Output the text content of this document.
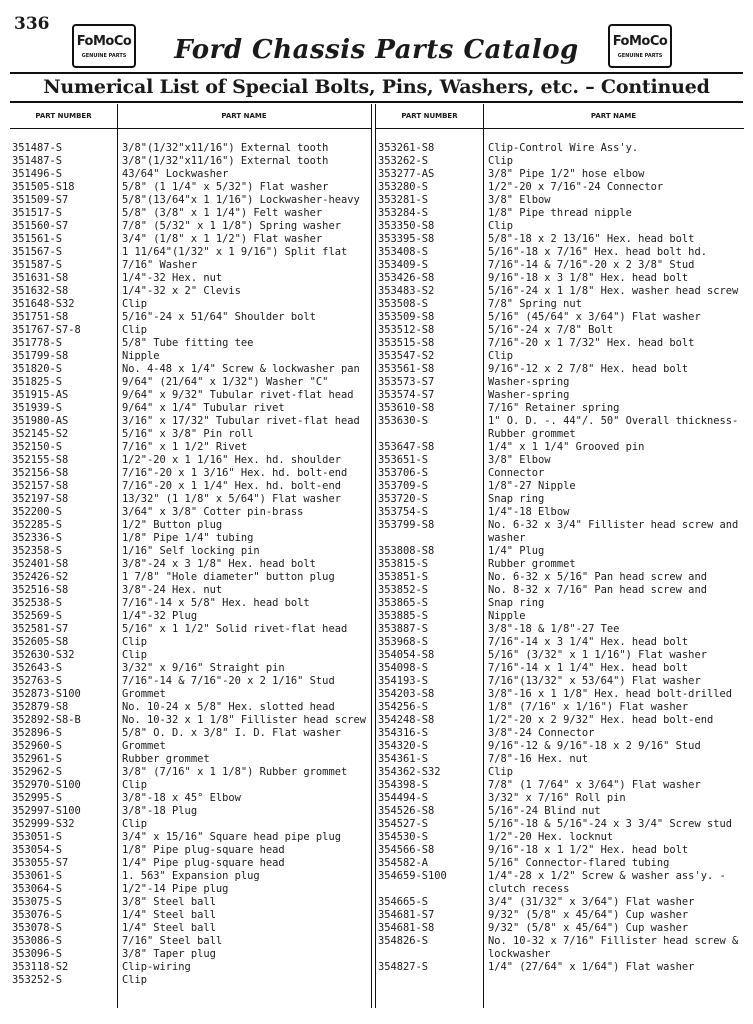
336
FoMoCo
GENUINE PARTS
FoMoCo
GENUINE PARTS
Ford Chassis Parts Catalog
Numerical List of Special Bolts, Pins, Washers, etc. – Continued
PART NUMBER	PART NAME
351487-S	3/8"(1/32"x11/16") External tooth
351487-S	3/8"(1/32"x11/16") External tooth
351496-S	43/64" Lockwasher
351505-S18	5/8" (1 1/4" x 5/32") Flat washer
351509-S7	5/8"(13/64"x 1 1/16") Lockwasher-heavy
351517-S	5/8" (3/8" x 1 1/4") Felt washer
351560-S7	7/8" (5/32" x 1 1/8") Spring washer
351561-S	3/4" (1/8" x 1 1/2") Flat washer
351567-S	1 11/64"(1/32" x 1 9/16") Split flat
351587-S	7/16" Washer
351631-S8	1/4"-32 Hex. nut
351632-S8	1/4"-32 x 2" Clevis
351648-S32	Clip
351751-S8	5/16"-24 x 51/64" Shoulder bolt
351767-S7-8	Clip
351778-S	5/8" Tube fitting tee
351799-S8	Nipple
351820-S	No. 4-48 x 1/4" Screw & lockwasher pan
351825-S	9/64" (21/64" x 1/32") Washer "C"
351915-AS	9/64" x 9/32" Tubular rivet-flat head
351939-S	9/64" x 1/4" Tubular rivet
351980-AS	3/16" x 17/32" Tubular rivet-flat head
352145-S2	5/16" x 3/8" Pin roll
352150-S	7/16" x 1 1/2" Rivet
352155-S8	1/2"-20 x 1 1/16" Hex. hd. shoulder
352156-S8	7/16"-20 x 1 3/16" Hex. hd. bolt-end
352157-S8	7/16"-20 x 1 1/4" Hex. hd. bolt-end
352197-S8	13/32" (1 1/8" x 5/64") Flat washer
352200-S	3/64" x 3/8" Cotter pin-brass
352285-S	1/2" Button plug
352336-S	1/8" Pipe 1/4" tubing
352358-S	1/16" Self locking pin
352401-S8	3/8"-24 x 3 1/8" Hex. head bolt
352426-S2	1 7/8" "Hole diameter" button plug
352516-S8	3/8"-24 Hex. nut
352538-S	7/16"-14 x 5/8" Hex. head bolt
352569-S	1/4"-32 Plug
352581-S7	5/16" x 1 1/2" Solid rivet-flat head
352605-S8	Clip
352630-S32	Clip
352643-S	3/32" x 9/16" Straight pin
352763-S	7/16"-14 & 7/16"-20 x 2 1/16" Stud
352873-S100	Grommet
352879-S8	No. 10-24 x 5/8" Hex. slotted head
352892-S8-B	No. 10-32 x 1 1/8" Fillister head screw
352896-S	5/8" O. D. x 3/8" I. D. Flat washer
352960-S	Grommet
352961-S	Rubber grommet
352962-S	3/8" (7/16" x 1 1/8") Rubber grommet
352970-S100	Clip
352995-S	3/8"-18 x 45° Elbow
352997-S100	3/8"-18 Plug
352999-S32	Clip
353051-S	3/4" x 15/16" Square head pipe plug
353054-S	1/8" Pipe plug-square head
353055-S7	1/4" Pipe plug-square head
353061-S	1. 563" Expansion plug
353064-S	1/2"-14 Pipe plug
353075-S	3/8" Steel ball
353076-S	1/4" Steel ball
353078-S	1/4" Steel ball
353086-S	7/16" Steel ball
353096-S	3/8" Taper plug
353118-S2	Clip-wiring
353252-S	Clip
PART NUMBER	PART NAME
353261-S8	Clip-Control Wire Ass'y.
353262-S	Clip
353277-AS	3/8" Pipe 1/2" hose elbow
353280-S	1/2"-20 x 7/16"-24 Connector
353281-S	3/8" Elbow
353284-S	1/8" Pipe thread nipple
353350-S8	Clip
353395-S8	5/8"-18 x 2 13/16" Hex. head bolt
353408-S	5/16"-18 x 7/16" Hex. head bolt hd.
353409-S	7/16"-14 & 7/16"-20 x 2 3/8" Stud
353426-S8	9/16"-18 x 3 1/8" Hex. head bolt
353483-S2	5/16"-24 x 1 1/8" Hex. washer head screw
353508-S	7/8" Spring nut
353509-S8	5/16" (45/64" x 3/64") Flat washer
353512-S8	5/16"-24 x 7/8" Bolt
353515-S8	7/16"-20 x 1 7/32" Hex. head bolt
353547-S2	Clip
353561-S8	9/16"-12 x 2 7/8" Hex. head bolt
353573-S7	Washer-spring
353574-S7	Washer-spring
353610-S8	7/16" Retainer spring
353630-S	1" O. D. -. 44"/. 50" Overall thickness-Rubber grommet
353647-S8	1/4" x 1 1/4" Grooved pin
353651-S	3/8" Elbow
353706-S	Connector
353709-S	1/8"-27 Nipple
353720-S	Snap ring
353754-S	1/4"-18 Elbow
353799-S8	No. 6-32 x 3/4" Fillister head screw and washer
353808-S8	1/4" Plug
353815-S	Rubber grommet
353851-S	No. 6-32 x 5/16" Pan head screw and
353852-S	No. 8-32 x 7/16" Pan head screw and
353865-S	Snap ring
353885-S	Nipple
353887-S	3/8"-18 & 1/8"-27 Tee
353968-S	7/16"-14 x 3 1/4" Hex. head bolt
354054-S8	5/16" (3/32" x 1 1/16") Flat washer
354098-S	7/16"-14 x 1 1/4" Hex. head bolt
354193-S	7/16"(13/32" x 53/64") Flat washer
354203-S8	3/8"-16 x 1 1/8" Hex. head bolt-drilled
354256-S	1/8" (7/16" x 1/16") Flat washer
354248-S8	1/2"-20 x 2 9/32" Hex. head bolt-end
354316-S	3/8"-24 Connector
354320-S	9/16"-12 & 9/16"-18 x 2 9/16" Stud
354361-S	7/8"-16 Hex. nut
354362-S32	Clip
354398-S	7/8" (1 7/64" x 3/64") Flat washer
354494-S	3/32" x 7/16" Roll pin
354526-S8	5/16"-24 Blind nut
354527-S	5/16"-18 & 5/16"-24 x 3 3/4" Screw stud
354530-S	1/2"-20 Hex. locknut
354566-S8	9/16"-18 x 1 1/2" Hex. head bolt
354582-A	5/16" Connector-flared tubing
354659-S100	1/4"-28 x 1/2" Screw & washer ass'y. - clutch recess
354665-S	3/4" (31/32" x 3/64") Flat washer
354681-S7	9/32" (5/8" x 45/64") Cup washer
354681-S8	9/32" (5/8" x 45/64") Cup washer
354826-S	No. 10-32 x 7/16" Fillister head screw & lockwasher
354827-S	1/4" (27/64" x 1/64") Flat washer
